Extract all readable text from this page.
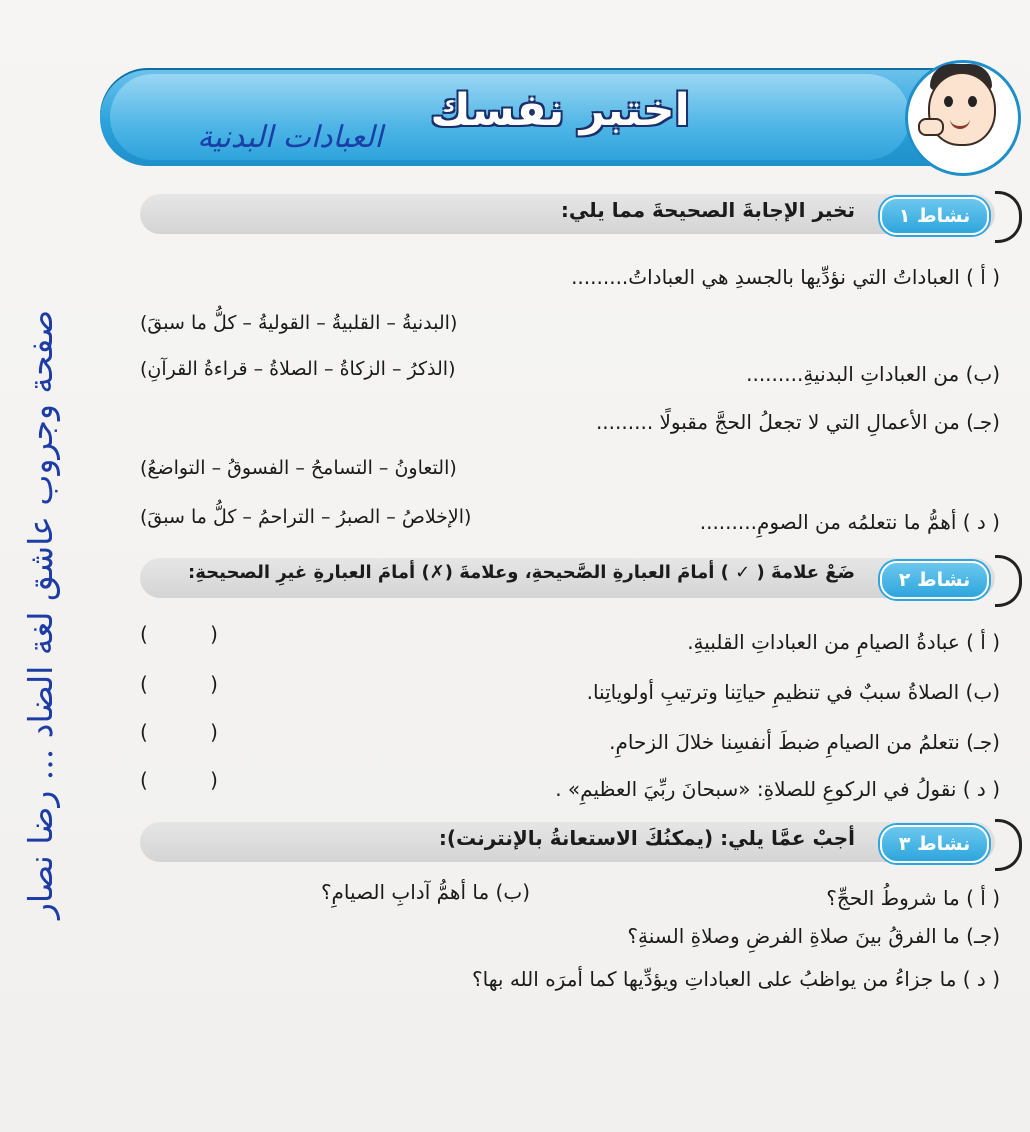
اختبر نفسك
العبادات البدنية
صفحة وجروب عاشق لغة الضاد ... رضا نصار
نشاط ١
تخير الإجابةَ الصحيحةَ مما يلي:
( أ ) العباداتُ التي نؤدِّيها بالجسدِ هي العباداتُ.........
(البدنيةُ – القلبيةُ – القوليةُ – كلُّ ما سبقَ)
(ب) من العباداتِ البدنيةِ.........
(الذكرُ – الزكاةُ – الصلاةُ – قراءةُ القرآنِ)
(جـ) من الأعمالِ التي لا تجعلُ الحجَّ مقبولًا .........
(التعاونُ – التسامحُ – الفسوقُ – التواضعُ)
( د ) أهمُّ ما نتعلمُه من الصومِ.........
(الإخلاصُ – الصبرُ – التراحمُ – كلُّ ما سبقَ)
نشاط ٢
ضَعْ علامةَ ( ✓ ) أمامَ العبارةِ الصَّحيحةِ، وعلامةَ (✗) أمامَ العبارةِ غيرِ الصحيحةِ:
( أ ) عبادةُ الصيامِ من العباداتِ القلبيةِ.
( )
(ب) الصلاةُ سببٌ في تنظيمِ حياتِنا وترتيبِ أولوياتِنا.
( )
(جـ) نتعلمُ من الصيامِ ضبطَ أنفسِنا خلالَ الزحامِ.
( )
( د ) نقولُ في الركوعِ للصلاةِ: «سبحانَ ربِّيَ العظيمِ» .
( )
نشاط ٣
أجبْ عمَّا يلي: (يمكنُكَ الاستعانةُ بالإنترنت):
( أ ) ما شروطُ الحجِّ؟
(ب) ما أهمُّ آدابِ الصيامِ؟
(جـ) ما الفرقُ بينَ صلاةِ الفرضِ وصلاةِ السنةِ؟
( د ) ما جزاءُ من يواظبُ على العباداتِ ويؤدِّيها كما أمرَه الله بها؟
